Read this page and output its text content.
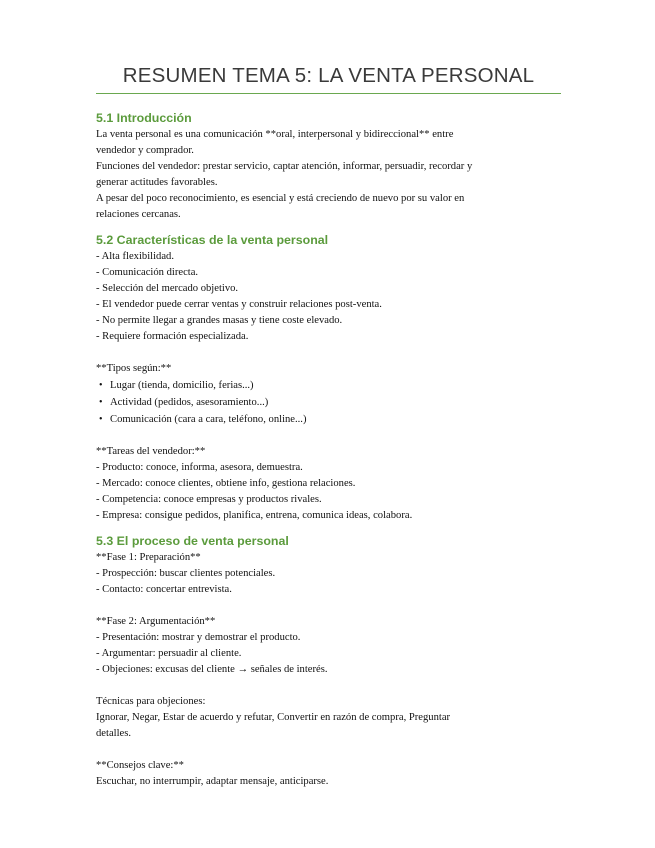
RESUMEN TEMA 5: LA VENTA PERSONAL
5.1 Introducción

La venta personal es una comunicación **oral, interpersonal y bidireccional** entre

vendedor y comprador.

Funciones del vendedor: prestar servicio, captar atención, informar, persuadir, recordar y

generar actitudes favorables.

A pesar del poco reconocimiento, es esencial y está creciendo de nuevo por su valor en

relaciones cercanas.

5.2 Características de la venta personal

- Alta flexibilidad.

- Comunicación directa.

- Selección del mercado objetivo.

- El vendedor puede cerrar ventas y construir relaciones post-venta.

- No permite llegar a grandes masas y tiene coste elevado.

- Requiere formación especializada.

**Tipos según:**

• Lugar (tienda, domicilio, ferias...)

• Actividad (pedidos, asesoramiento...)

• Comunicación (cara a cara, teléfono, online...)

**Tareas del vendedor:**

- Producto: conoce, informa, asesora, demuestra.

- Mercado: conoce clientes, obtiene info, gestiona relaciones.

- Competencia: conoce empresas y productos rivales.

- Empresa: consigue pedidos, planifica, entrena, comunica ideas, colabora.

5.3 El proceso de venta personal

**Fase 1: Preparación**

- Prospección: buscar clientes potenciales.

- Contacto: concertar entrevista.

**Fase 2: Argumentación**

- Presentación: mostrar y demostrar el producto.

- Argumentar: persuadir al cliente.

- Objeciones: excusas del cliente → señales de interés.

Técnicas para objeciones:

Ignorar, Negar, Estar de acuerdo y refutar, Convertir en razón de compra, Preguntar

detalles.

**Consejos clave:**

Escuchar, no interrumpir, adaptar mensaje, anticiparse.
